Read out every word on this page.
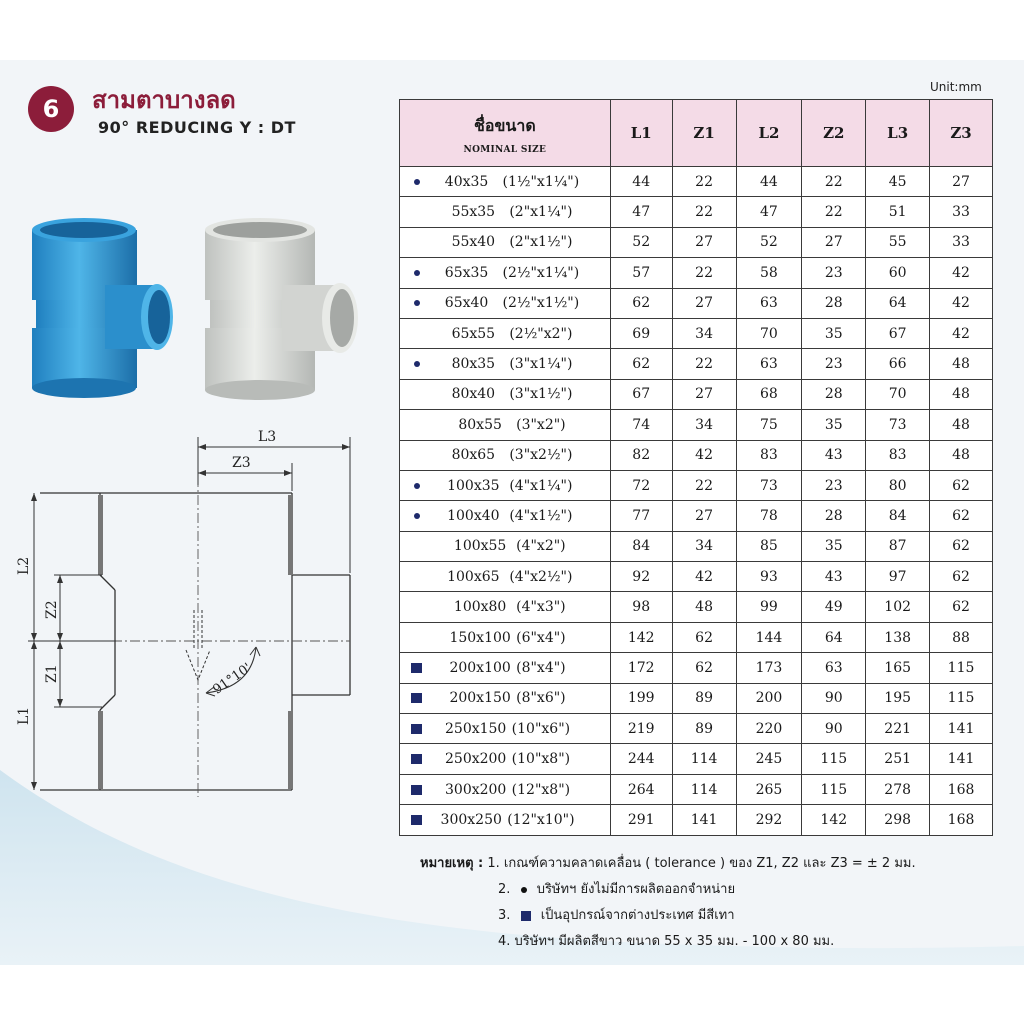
6	สามตาบางลด
90° REDUCING Y : DT
Unit:mm
91°10'
L3
Z3
L2
Z2
Z1
L1
ชื่อขนาด
NOMINAL SIZE	L1	Z1	L2	Z2	L3	Z3

40x35 (1½"x1¼")	44	22	44	22	45	27
55x35 (2"x1¼")	47	22	47	22	51	33
55x40 (2"x1½")	52	27	52	27	55	33

65x35 (2½"x1¼")	57	22	58	23	60	42

65x40 (2½"x1½")	62	27	63	28	64	42
65x55 (2½"x2")	69	34	70	35	67	42

80x35 (3"x1¼")	62	22	63	23	66	48
80x40 (3"x1½")	67	27	68	28	70	48
80x55 (3"x2")	74	34	75	35	73	48
80x65 (3"x2½")	82	42	83	43	83	48

100x35 (4"x1¼")	72	22	73	23	80	62

100x40 (4"x1½")	77	27	78	28	84	62
100x55 (4"x2")	84	34	85	35	87	62
100x65 (4"x2½")	92	42	93	43	97	62
100x80 (4"x3")	98	48	99	49	102	62
150x100 (6"x4")	142	62	144	64	138	88

200x100 (8"x4")	172	62	173	63	165	115

200x150 (8"x6")	199	89	200	90	195	115

250x150 (10"x6")	219	89	220	90	221	141

250x200 (10"x8")	244	114	245	115	251	141

300x200 (12"x8")	264	114	265	115	278	168

300x250 (12"x10")	291	141	292	142	298	168
หมายเหตุ : 1. เกณฑ์ความคลาดเคลื่อน ( tolerance ) ของ Z1, Z2 และ Z3 = ± 2 มม.
2. บริษัทฯ ยังไม่มีการผลิตออกจำหน่าย
3. เป็นอุปกรณ์จากต่างประเทศ มีสีเทา
4. บริษัทฯ มีผลิตสีขาว ขนาด 55 x 35 มม. - 100 x 80 มม.
